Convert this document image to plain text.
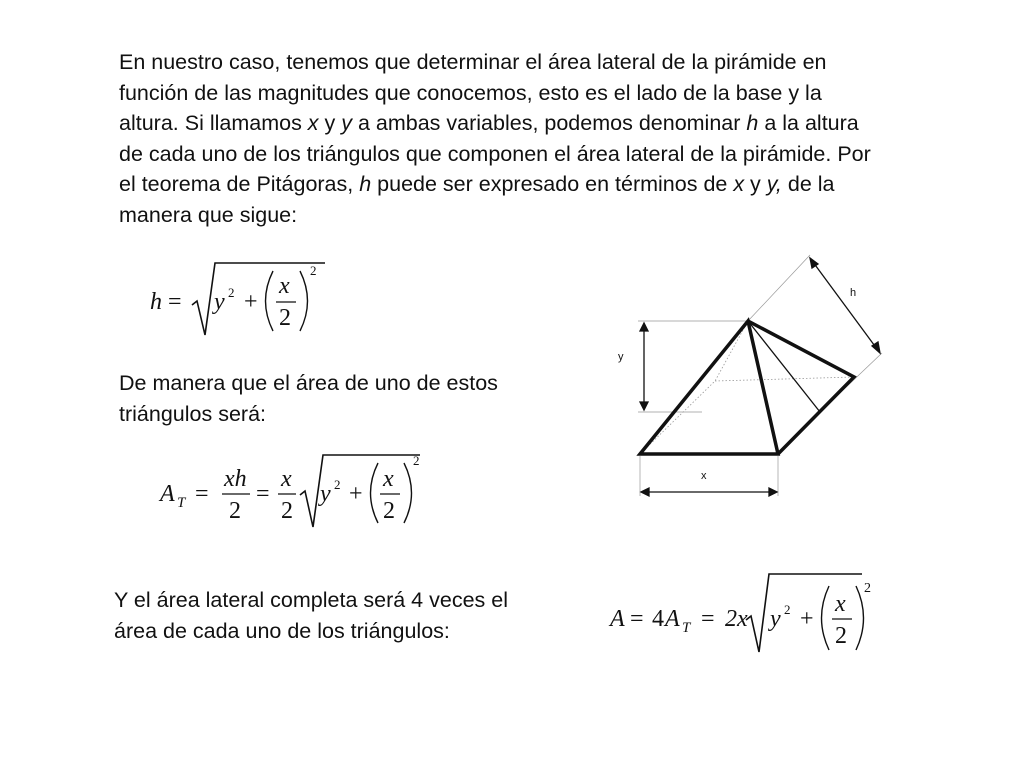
En nuestro caso, tenemos que determinar el área lateral de la pirámide en función de las magnitudes que conocemos, esto es el lado de la base y la altura. Si llamamos x y y a ambas variables, podemos denominar h a la altura de cada uno de los triángulos que componen el área lateral de la pirámide. Por el teorema de Pitágoras, h puede ser expresado en términos de x y y, de la manera que sigue:

De manera que el área de uno de estos triángulos será:

Y el área lateral completa será 4 veces el área de cada uno de los triángulos:

h = y 2 +
x
2
2
A T =
xh
2
=
x
2
y 2 +
x
2
2
A = 4 A T = 2x y 2 +
x
2
2
h
y
x
